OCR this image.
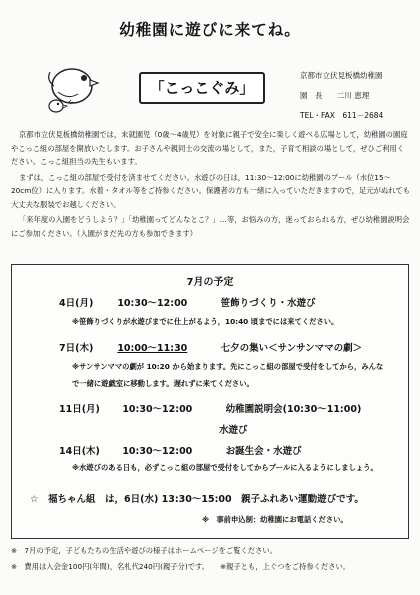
幼稚園に遊びに来てね。
「こっこぐみ」
京都市立伏見板橋幼稚園
園　長 二川 恵理
TEL・FAX　611－2684

京都市立伏見板橋幼稚園では，未就園児（0歳～4歳児）を対象に親子で安全に楽しく遊べる広場として，幼稚園の園庭やこっこ組の部屋を開放いたします。お子さんや親同士の交流の場として，また，子育て相談の場として，ぜひご利用ください。こっこ組担当の先生もいます。

まずは，こっこ組の部屋で受付を済ませてください。水遊びの日は，11:30～12:00に幼稚園のプール（水位15～20cm位）に入ります。水着・タオル等をご持参ください。保護者の方も一緒に入っていただきますので，足元がぬれても大丈夫な服装でお越しください。

「来年度の入園をどうしよう？」「幼稚園ってどんなとこ？」…等，お悩みの方，迷っておられる方，ぜひ幼稚園説明会にご参加ください。（入園がまだ先の方も参加できます）

7月の予定
4日(月)	10:30～12:00	笹飾りづくり・水遊び
※笹飾りづくりが水遊びまでに仕上がるよう，10:40 頃までには来てください。
7日(木)	10:00～11:30	七夕の集い＜サンサンママの劇＞
※サンサンママの劇が 10:20 から始まります。先にこっこ組の部屋で受付をしてから，みんな
で一緒に遊戯室に移動します。遅れずに来てください。
11日(月) 10:30～12:00	幼稚園説明会(10:30～11:00)
水遊び
14日(木) 10:30～12:00	お誕生会・水遊び
※水遊びのある日も，必ずこっこ組の部屋で受付をしてからプールに入るようにしましょう。
☆　福ちゃん組　は，6日(水) 13:30～15:00　親子ふれあい運動遊びです。
※　事前申込制：幼稚園にお電話ください。
※　7月の予定，子どもたちの生活や遊びの様子はホームページをご覧ください。
※　費用は入会金100円(年間)，名札代240円(親子分)です。　　※親子とも，上ぐつをご持参ください。
